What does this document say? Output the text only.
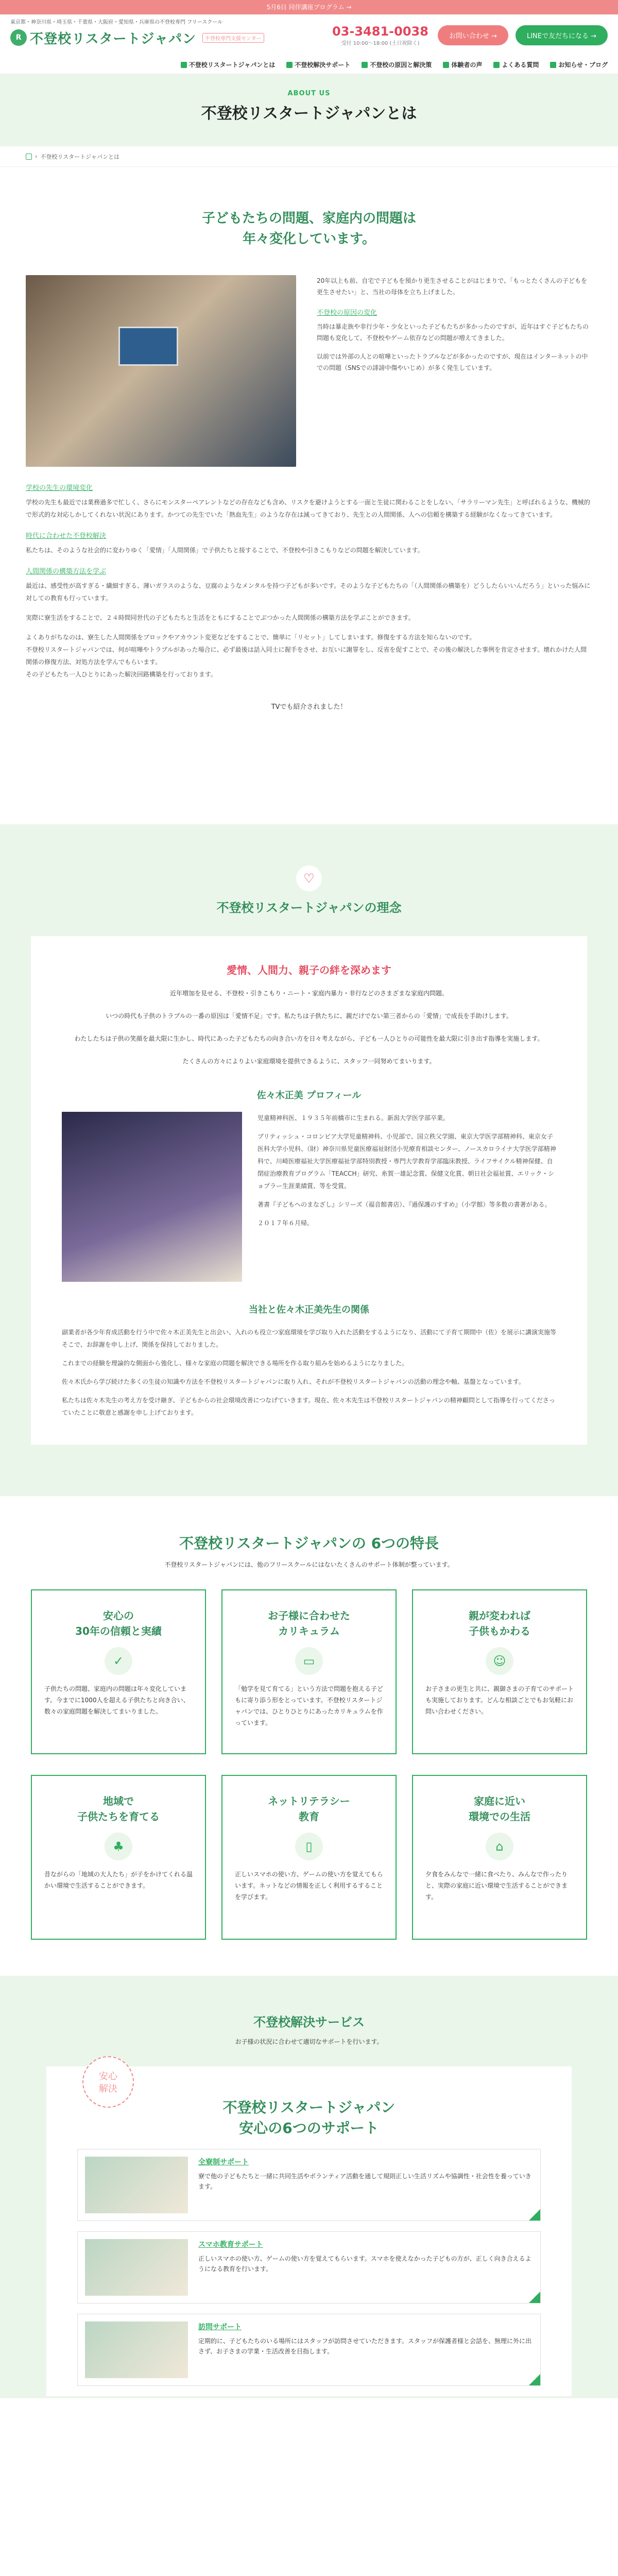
5月6日 同伴講座プログラム →
東京都・神奈川県・埼玉県・千葉県・大阪府・愛知県・兵庫県の不登校専門 フリースクール
R 不登校リスタートジャパン	不登校専門支援センター
03-3481-0038
受付 10:00〜18:00 (土日祝除く)
お問い合わせ →	LINEで友だちになる →
不登校リスタートジャパンとは	不登校解決サポート	不登校の原因と解決策	体験者の声	よくある質問	お知らせ・ブログ
ABOUT US
不登校リスタートジャパンとは
› 不登校リスタートジャパンとは
子どもたちの問題、家庭内の問題は
年々変化しています。

20年以上も前、自宅で子どもを預かり更生させることがはじまりで、「もっとたくさんの子どもを更生させたい」と、当社の母体を立ち上げました。

不登校の原因の変化

当時は暴走族や非行少年・少女といった子どもたちが多かったのですが、近年はすぐ子どもたちの問題も変化して、不登校やゲーム依存などの問題が増えてきました。

以前では外部の人との喧嘩といったトラブルなどが多かったのですが、現在はインターネットの中での問題（SNSでの誹謗中傷やいじめ）が多く発生しています。

学校の先生の環境変化

学校の先生も最近では業務過多で忙しく、さらにモンスターペアレントなどの存在なども含め、リスクを避けようとする一面と生徒に関わることをしない、「サラリーマン先生」と呼ばれるような、機械的で形式的な対応しかしてくれない状況にあります。かつての先生でいた「熱血先生」のような存在は減ってきており、先生との人間関係、人への信頼を構築する経験がなくなってきています。

時代に合わせた不登校解決

私たちは、そのような社会的に変わりゆく「愛情」「人間関係」で子供たちと接することで、不登校や引きこもりなどの問題を解決しています。

人間関係の構築方法を学ぶ

最近は、感受性が高すぎる・繊細すぎる、薄いガラスのような、豆腐のようなメンタルを持つ子どもが多いです。そのような子どもたちの「（人間関係の構築を）どうしたらいいんだろう」といった悩みに対しての教育も行っています。

実際に寮生活をすることで、２４時間同世代の子どもたちと生活をともにすることでぶつかった人間関係の構築方法を学ぶことができます。

よくありがちなのは、寮生した人間関係をブロックやアカウント変更などをすることで、簡単に「リセット」してしまいます。修復をする方法を知らないのです。

不登校リスタートジャパンでは、何が喧嘩やトラブルがあった場合に、必ず最後は話入同士に握手をさせ、お互いに謝罪をし、反省を促すことで、その後の解決した事例を肯定させます。壊れかけた人間関係の修復方法、対処方法を学んでもらいます。

その子どもたち一人ひとりにあった解決回路構築を行っております。

TVでも紹介されました！

♡
不登校リスタートジャパンの理念
愛情、人間力、親子の絆を深めます

近年増加を見せる、不登校・引きこもり・ニート・家庭内暴力・非行などのさまざまな家庭内問題。

いつの時代も子供のトラブルの一番の原因は「愛情不足」です。私たちは子供たちに、親だけでない第三者からの「愛情」で成長を手助けします。

わたしたちは子供の笑顔を最大限に生かし、時代にあった子どもたちの向き合い方を日々考えながら、子ども一人ひとりの可能性を最大限に引き出す指導を実施します。

たくさんの方々によりよい家庭環境を提供できるように、スタッフ一同努めてまいります。

佐々木正美 プロフィール

児童精神科医、１９３５年前橋市に生まれる。新潟大学医学部卒業。

ブリティッシュ・コロンビア大学児童精神科、小児部で、国立秩父学園、東京大学医学部精神科、東京女子医科大学小児科、（財）神奈川県児童医療福祉財団小児療育相談センター、ノースカロライナ大学医学部精神科で、川崎医療福祉大学医療福祉学部特別教授・専門大学教育学部臨床教授、ライフサイクル精神保健、自閉症治療教育プログラム「TEACCH」研究、糸賀一雄記念賞、保健文化賞、朝日社会福祉賞、エリック・ショプラー生涯業績賞、等を受賞。

著書『子どもへのまなざし』シリーズ（福音館書店）、『過保護のすすめ』（小学館）等多数の書著がある。

２０１７年６月帰。

当社と佐々木正美先生の関係

副業者が各少年育成活動を行う中で佐々木正美先生と出会い、入れのも役立つ家庭環境を学び取り入れた活動をするようになり、活動にて子育て期間中（佐）を展示に講演実施等そこで、お辞謝を申し上げ、関係を保持しておりました。

これまでの経験を理論的な側面から強化し、様々な家庭の問題を解決できる場所を作る取り組みを始めるようになりました。

佐々木氏から学び続けた多くの生徒の知識や方法を不登校リスタートジャパンに取り入れ、それが不登校リスタートジャパンの活動の理念や軸、基盤となっています。

私たちは佐々木先生の考え方を受け継ぎ、子どもからの社会環境改善につなげていきます。現在、佐々木先生は不登校リスタートジャパンの精神顧問として指導を行ってくださっていたことに敬意と感謝を申し上げております。

不登校リスタートジャパンの 6つの特長

不登校リスタートジャパンには、他のフリースクールにはないたくさんのサポート体制が整っています。

安心の
30年の信頼と実績
✓

子供たちの問題、家庭内の問題は年々変化しています。今までに1000人を超える子供たちと向き合い、数々の家庭問題を解決してまいりました。

お子様に合わせた
カリキュラム
▭

「勉学を見て育てる」という方法で問題を抱える子どもに寄り添う形をとっています。不登校リスタートジャパンでは、ひとりひとりにあったカリキュラムを作っています。

親が変われば
子供もかわる
☺

お子さまの更生と共に、親御さまの子育てのサポートも実施しております。どんな相談ごとでもお気軽にお問い合わせください。

地域で
子供たちを育てる
♣

昔ながらの「地域の大人たち」が子をかけてくれる温かい環境で生活することができます。

ネットリテラシー
教育
▯

正しいスマホの使い方、ゲームの使い方を覚えてもらいます。ネットなどの情報を正しく利用するすることを学びます。

家庭に近い
環境での生活
⌂

夕食をみんなで一緒に食べたり、みんなで作ったりと、実際の家庭に近い環境で生活することができます。

不登校解決サービス

お子様の状況に合わせて適切なサポートを行います。

安心
解決
不登校リスタートジャパン
安心の6つのサポート
全寮制サポート
寮で他の子どもたちと一緒に共同生活やボランティア活動を通して規則正しい生活リズムや協調性・社会性を養っていきます。
スマホ教育サポート
正しいスマホの使い方、ゲームの使い方を覚えてもらいます。スマホを使えなかった子どもの方が、正しく向き合えるようになる教育を行います。
訪問サポート
定期的に、子どもたちのいる場所にはスタッフが訪問させていただきます。スタッフが保護者様と会話を、無理に外に出さず、お子さまの学業・生活改善を目指します。
